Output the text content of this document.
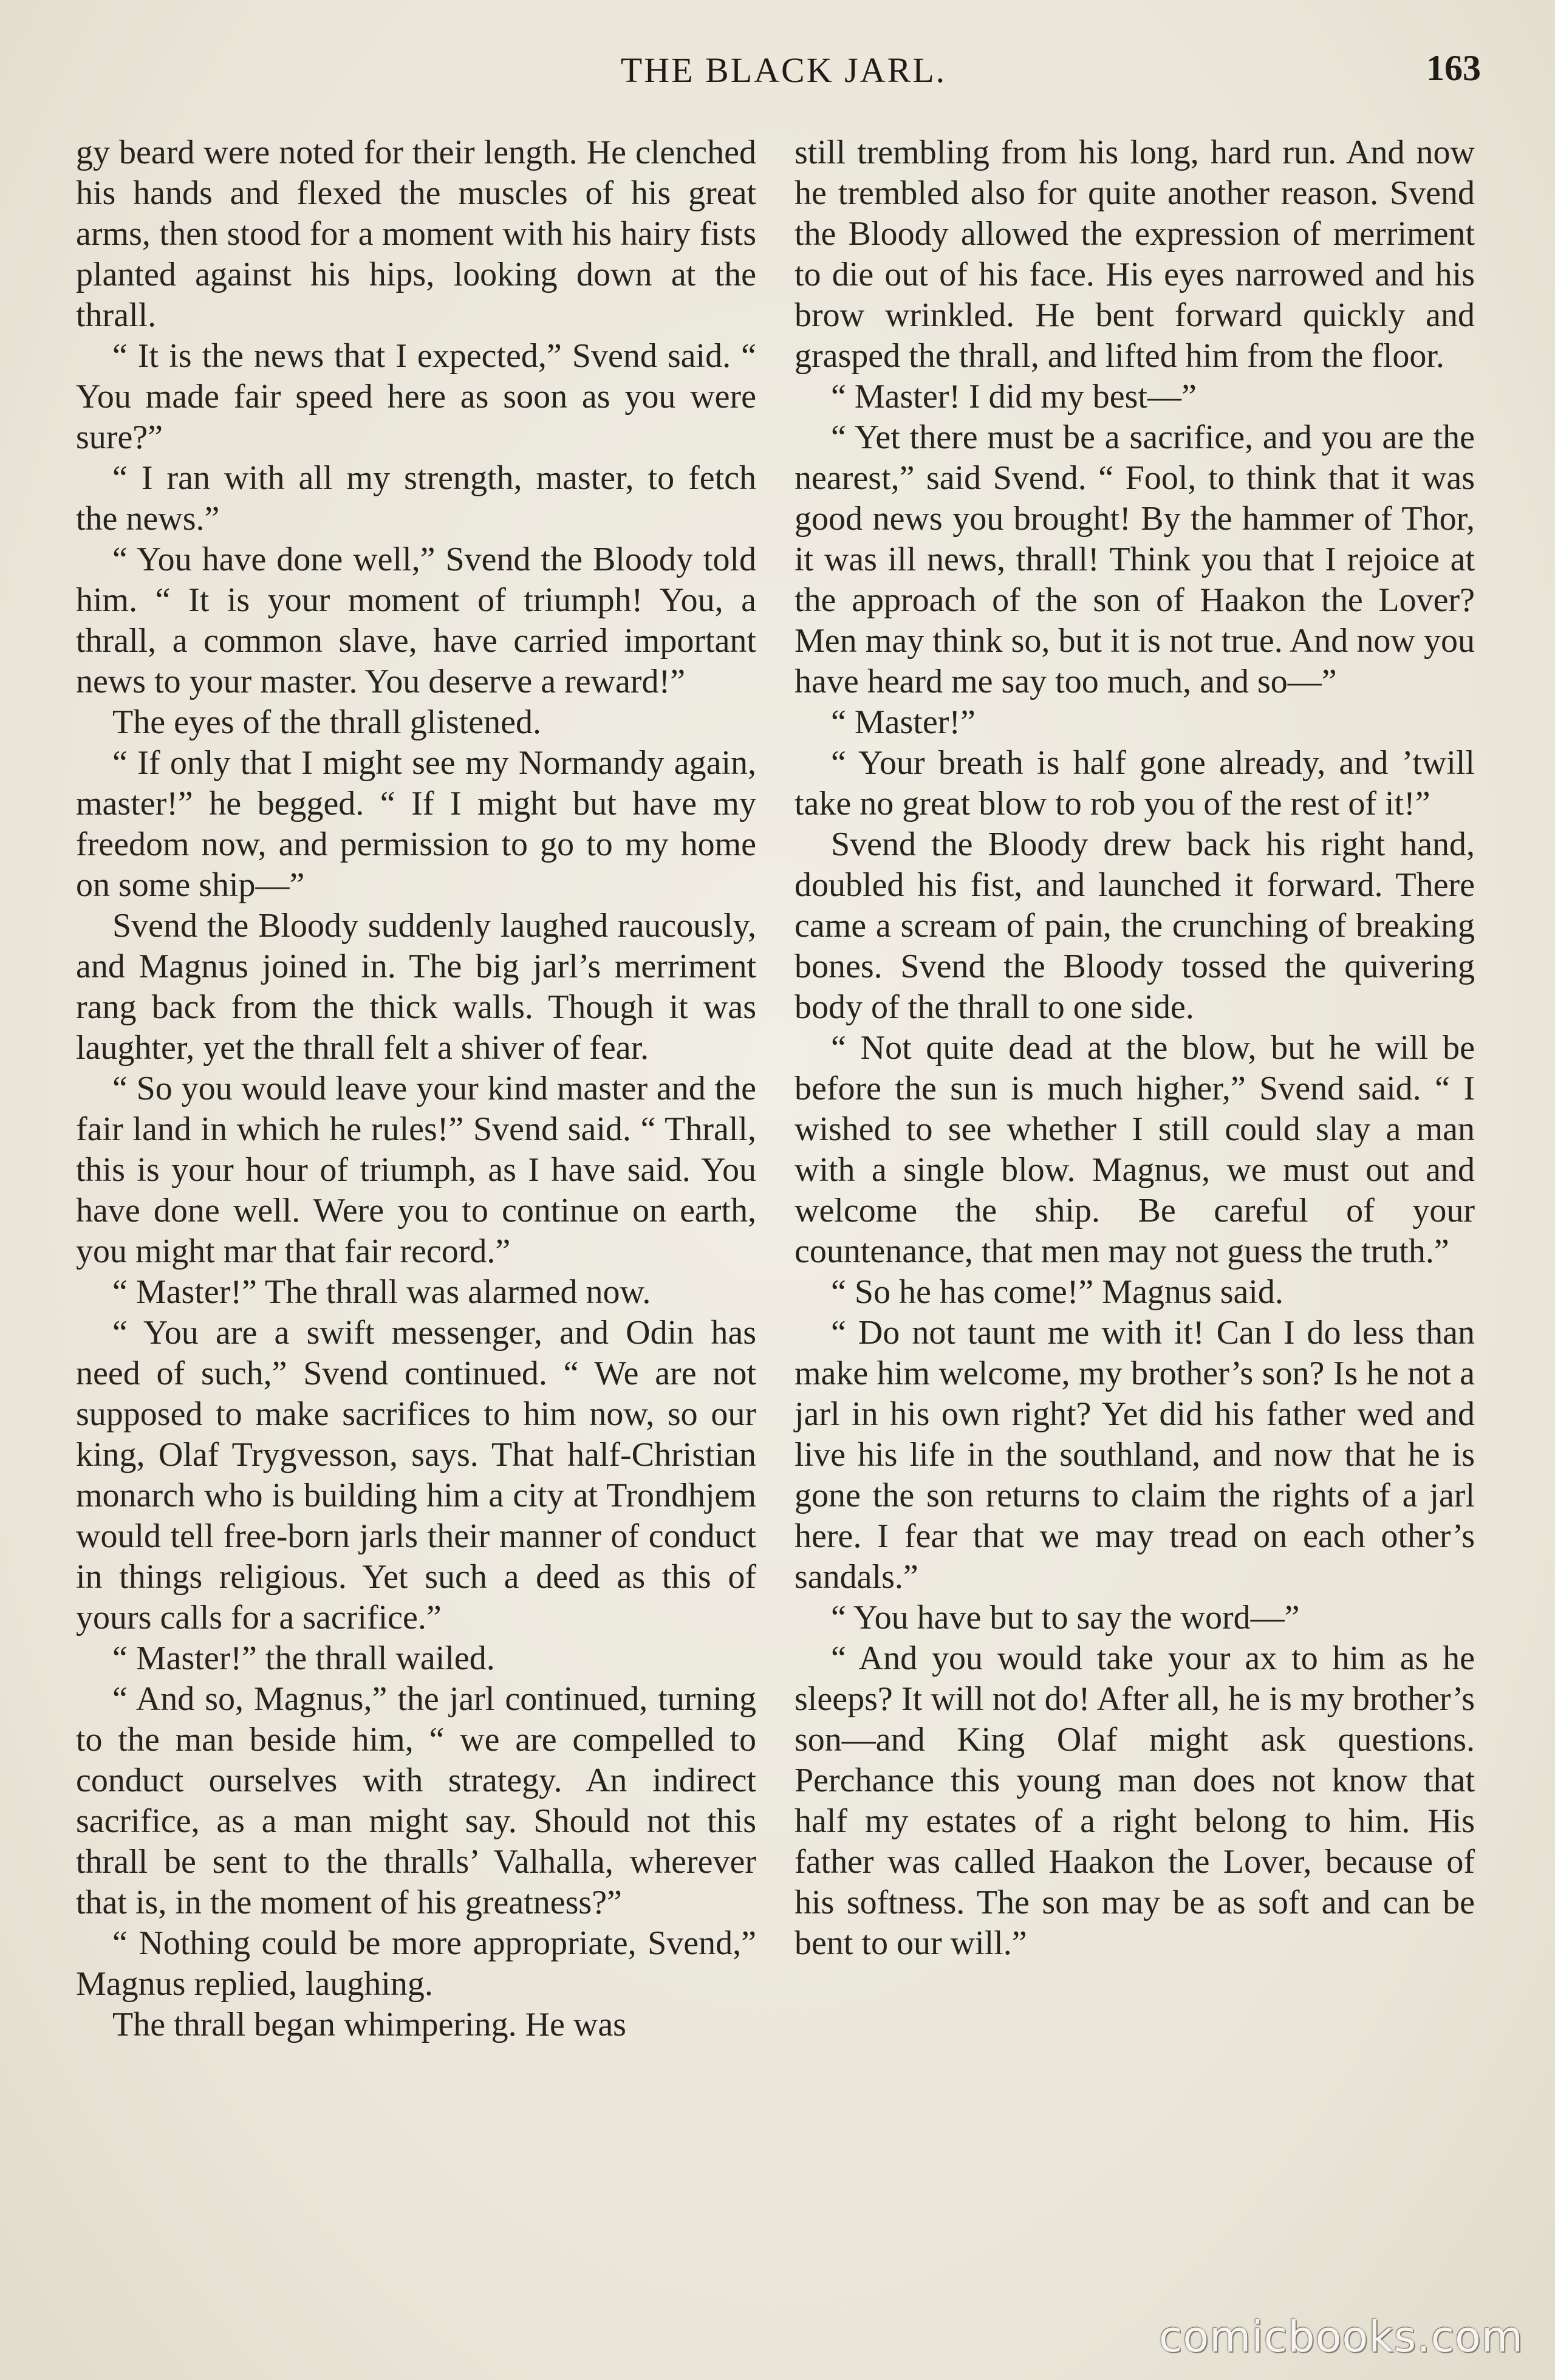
THE BLACK JARL.	163

gy beard were noted for their length. He clenched his hands and flexed the muscles of his great arms, then stood for a moment with his hairy fists planted against his hips, looking down at the thrall.

“ It is the news that I expected,” Svend said. “ You made fair speed here as soon as you were sure?”

“ I ran with all my strength, master, to fetch the news.”

“ You have done well,” Svend the Bloody told him. “ It is your moment of triumph! You, a thrall, a common slave, have carried important news to your master. You deserve a reward!”

The eyes of the thrall glistened.

“ If only that I might see my Normandy again, master!” he begged. “ If I might but have my freedom now, and permission to go to my home on some ship—”

Svend the Bloody suddenly laughed raucously, and Magnus joined in. The big jarl’s merriment rang back from the thick walls. Though it was laughter, yet the thrall felt a shiver of fear.

“ So you would leave your kind master and the fair land in which he rules!” Svend said. “ Thrall, this is your hour of triumph, as I have said. You have done well. Were you to continue on earth, you might mar that fair record.”

“ Master!” The thrall was alarmed now.

“ You are a swift messenger, and Odin has need of such,” Svend continued. “ We are not supposed to make sacrifices to him now, so our king, Olaf Trygvesson, says. That half-Christian monarch who is building him a city at Trondhjem would tell free-born jarls their manner of conduct in things religious. Yet such a deed as this of yours calls for a sacrifice.”

“ Master!” the thrall wailed.

“ And so, Magnus,” the jarl continued, turning to the man beside him, “ we are compelled to conduct ourselves with strategy. An indirect sacrifice, as a man might say. Should not this thrall be sent to the thralls’ Valhalla, wherever that is, in the moment of his greatness?”

“ Nothing could be more appropriate, Svend,” Magnus replied, laughing.

The thrall began whimpering. He was

still trembling from his long, hard run. And now he trembled also for quite another reason. Svend the Bloody allowed the expression of merriment to die out of his face. His eyes narrowed and his brow wrinkled. He bent forward quickly and grasped the thrall, and lifted him from the floor.

“ Master! I did my best—”

“ Yet there must be a sacrifice, and you are the nearest,” said Svend. “ Fool, to think that it was good news you brought! By the hammer of Thor, it was ill news, thrall! Think you that I rejoice at the approach of the son of Haakon the Lover? Men may think so, but it is not true. And now you have heard me say too much, and so—”

“ Master!”

“ Your breath is half gone already, and ’twill take no great blow to rob you of the rest of it!”

Svend the Bloody drew back his right hand, doubled his fist, and launched it forward. There came a scream of pain, the crunching of breaking bones. Svend the Bloody tossed the quivering body of the thrall to one side.

“ Not quite dead at the blow, but he will be before the sun is much higher,” Svend said. “ I wished to see whether I still could slay a man with a single blow. Magnus, we must out and welcome the ship. Be careful of your countenance, that men may not guess the truth.”

“ So he has come!” Magnus said.

“ Do not taunt me with it! Can I do less than make him welcome, my brother’s son? Is he not a jarl in his own right? Yet did his father wed and live his life in the southland, and now that he is gone the son returns to claim the rights of a jarl here. I fear that we may tread on each other’s sandals.”

“ You have but to say the word—”

“ And you would take your ax to him as he sleeps? It will not do! After all, he is my brother’s son—and King Olaf might ask questions. Perchance this young man does not know that half my estates of a right belong to him. His father was called Haakon the Lover, because of his softness. The son may be as soft and can be bent to our will.”

comicbooks.com
